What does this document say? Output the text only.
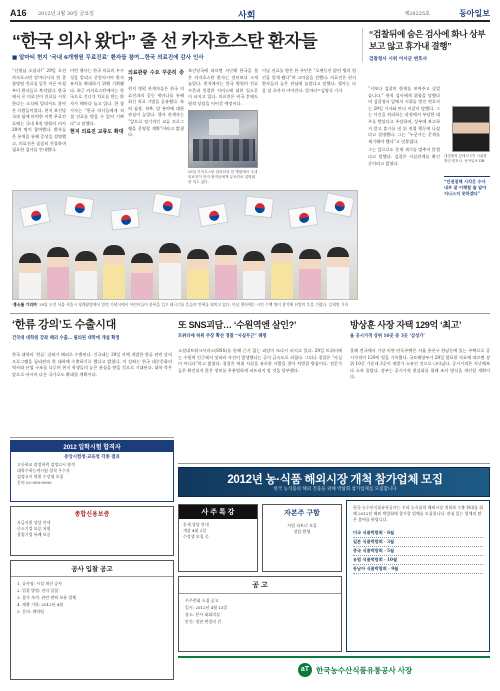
A16 2012년 3월 30일 금요일	사회	제28225호	동아일보
“한국 의사 왔다” 줄 선 카자흐스탄 환자들
■ 알마티 현지 ‘국내 6개병원 무료진료’ 환자들 참여…한국 의료진에 감사 인사

“선생님 오셨다!” 29일 오전 카자흐스탄 알마티시의 한 종합병원 진료실 앞은 이른 아침부터 환자들로 북적였다. 한국에서 온 의료진이 진료를 시작한다는 소식에 멀리서도 찾아온 사람들이었다. 현지 보건당국과 함께 마련한 이번 무료진료에는 국내 6개 병원의 의사 20여 명이 참여했다. 환자들은 통역을 통해 증상을 설명했고, 의료진은 꼼꼼히 진찰하며 필요한 검사를 안내했다.

이번 행사는 한국 의료의 우수성을 알리고 중앙아시아 환자 유치를 확대하기 위해 기획됐다. 최근 카자흐스탄에서는 한국으로 건너가 치료를 받는 환자가 해마다 늘고 있다. 한 참가자는 “한국 의사들에게 직접 진료를 받을 수 있어 기쁘다”고 말했다.

현지 의료진 교류도 확대
의료관광 수요 꾸준히 증가

현지 병원 관계자들은 한국 의료진과의 공동 세미나를 통해 최신 치료 기법을 공유했다. 특히 심장, 척추, 암 분야에 대한 관심이 높았다. 행사 관계자는 “앞으로 정기적인 교류 프로그램을 운영할 계획”이라고 밝혔다.

보건당국에 따르면 지난해 한국을 찾은 카자흐스탄 환자는 전년보다 크게 늘었다. 현지에서는 한국 병원의 진료 수준과 친절한 서비스에 대한 입소문이 퍼지고 있다. 의료진은 귀국 후에도 원격 상담을 이어갈 예정이다.

29일 카자흐스탄 알마티의 한 병원에서 국내 의료진이 현지 환자들에게 무료진료 설명회를 하고 있다.

이날 진료를 받은 한 주민은 “오랫동안 앓던 병의 원인을 알게 됐다”며 고마움을 전했다. 의료진은 현지 환자들의 높은 관심에 놀랐다고 말했다. 행사는 다음 달 초까지 이어진다. 알마티=김영식 기자

‘홍소를 기리며’ 29일 오전 서울 서울시 청계광장에서 열린 기념식에서 어린이들이 한복을 입고 태극기를 흔들며 만세를 외치고 있다. 이날 행사에는 시민 수백 명이 참석해 선열의 뜻을 기렸다. 김재명 기자
“검찰뒤에 숨은 검사에 화나 상부보고 않고 휴가내 결행”
검찰청사 시위 이서군 변호사

“저보다 검찰의 한계를 보여주고 싶었습니다.” 현직 검사에게 위협을 당했다며 검찰청사 앞에서 시위를 벌인 변호사는 29일 기자와 만나 이같이 말했다. 그는 사건을 처리하는 과정에서 부당한 대우를 받았다고 주장하며, 상부에 보고하지 않고 휴가를 낸 뒤 직접 행동에 나섰다고 설명했다. 그는 “누군가는 문제를 제기해야 했다”고 덧붙였다.

그는 앞으로도 문제 제기를 멈추지 않겠다고 말했다. 검찰은 사실관계를 확인 중이라고 밝혔다.

대검찰청 앞에서 1인 시위를 벌인 변호사. 동아일보 DB
“인권침해 시각은 수사 내부 잘 이해할 줄 알아 지나스지 못하겠다”
‘한류 강의’도 수출시대
건국대 대학원 강좌 해외 수출… 필리핀 대학에 개설 확정

한국 대학의 ‘한류’ 강좌가 해외로 수출된다. 건국대는 29일 자체 개발한 한류 관련 강의 프로그램을 필리핀의 한 대학에 수출하기로 했다고 밝혔다. 이 강좌는 한국 대중문화의 역사와 산업 구조를 다루며 현지 학생들의 높은 관심을 받을 것으로 기대된다. 대학 측은 앞으로 아시아 다른 국가로도 확대할 계획이다.

또 SNS괴담… ‘수원역엔 살인?’
트위터에 허위 주장 확산 경찰 “사실무근” 해명

소셜네트워크서비스(SNS)를 통해 근거 없는 괴담이 또다시 퍼지고 있다. 29일 트위터에는 수원역 인근에서 잇따라 사건이 발생했다는 글이 급속도로 퍼졌다. 그러나 경찰은 “사실이 아니다”라고 밝혔다. 경찰은 허위 사실을 유포한 사람을 찾아 처벌할 방침이다. 전문가들은 확인되지 않은 정보를 무분별하게 퍼뜨리지 말 것을 당부했다.

방상훈 사장 자택 129억 ‘최고’
올 공시가격 상위 10곳 중 3곳 ‘삼성가’

올해 전국에서 가장 비싼 단독주택은 서울 용산구 한남동에 있는 주택으로 공시가격이 129억 원을 기록했다. 국토해양부가 29일 발표한 자료에 따르면 상위 10곳 가운데 3곳이 재벌가 소유인 것으로 나타났다. 공시가격은 지난해보다 소폭 올랐다. 정부는 공시가격 현실화를 위해 조사 방식을 개선할 계획이다.

2012 입학시험 합격자
중앙시험청·교육청 각종 결과
고등학교 졸업학력 검정고시 합격
대학수학능력시험 성적 우수자
검정고시 학원 수강생 모집
문의 02-000-0000
종합신용보증
자금지원 상담 안내
중소기업 보증 지원
창업기업 특례 보증
공사 입찰 공고
1. 공사명: 시설 개선 공사
2. 입찰 방법: 전자 입찰
3. 참가 자격: 관련 면허 보유 업체
4. 제출 기한: 2012년 4월
5. 문의: 계약팀
사 주 특 강
운세 상담 안내
개강 4월 2일
수강생 모집 중
자본주 구함
사업 파트너 모집
상담 환영
공 고
주주총회 소집 공고
일시: 2012년 4월 13일
장소: 본사 대회의실
안건: 정관 변경의 건
2012년 농·식품 해외시장 개척 참가업체 모집
한국 농식품의 해외 진출을 위해 박람회 참가업체를 모집합니다
한국 농수산식품유통공사는 우리 농식품의 해외시장 개척과 수출 확대를 위해 2012년 해외 박람회에 참가할 업체를 모집합니다. 관심 있는 업체의 많은 참여를 바랍니다.
미국 식품박람회 · 6월
일본 식품박람회 · 3월
중국 식품박람회 · 5월
유럽 식품박람회 · 10월
동남아 식품박람회 · 9월
aT 한국농수산식품유통공사 사장
